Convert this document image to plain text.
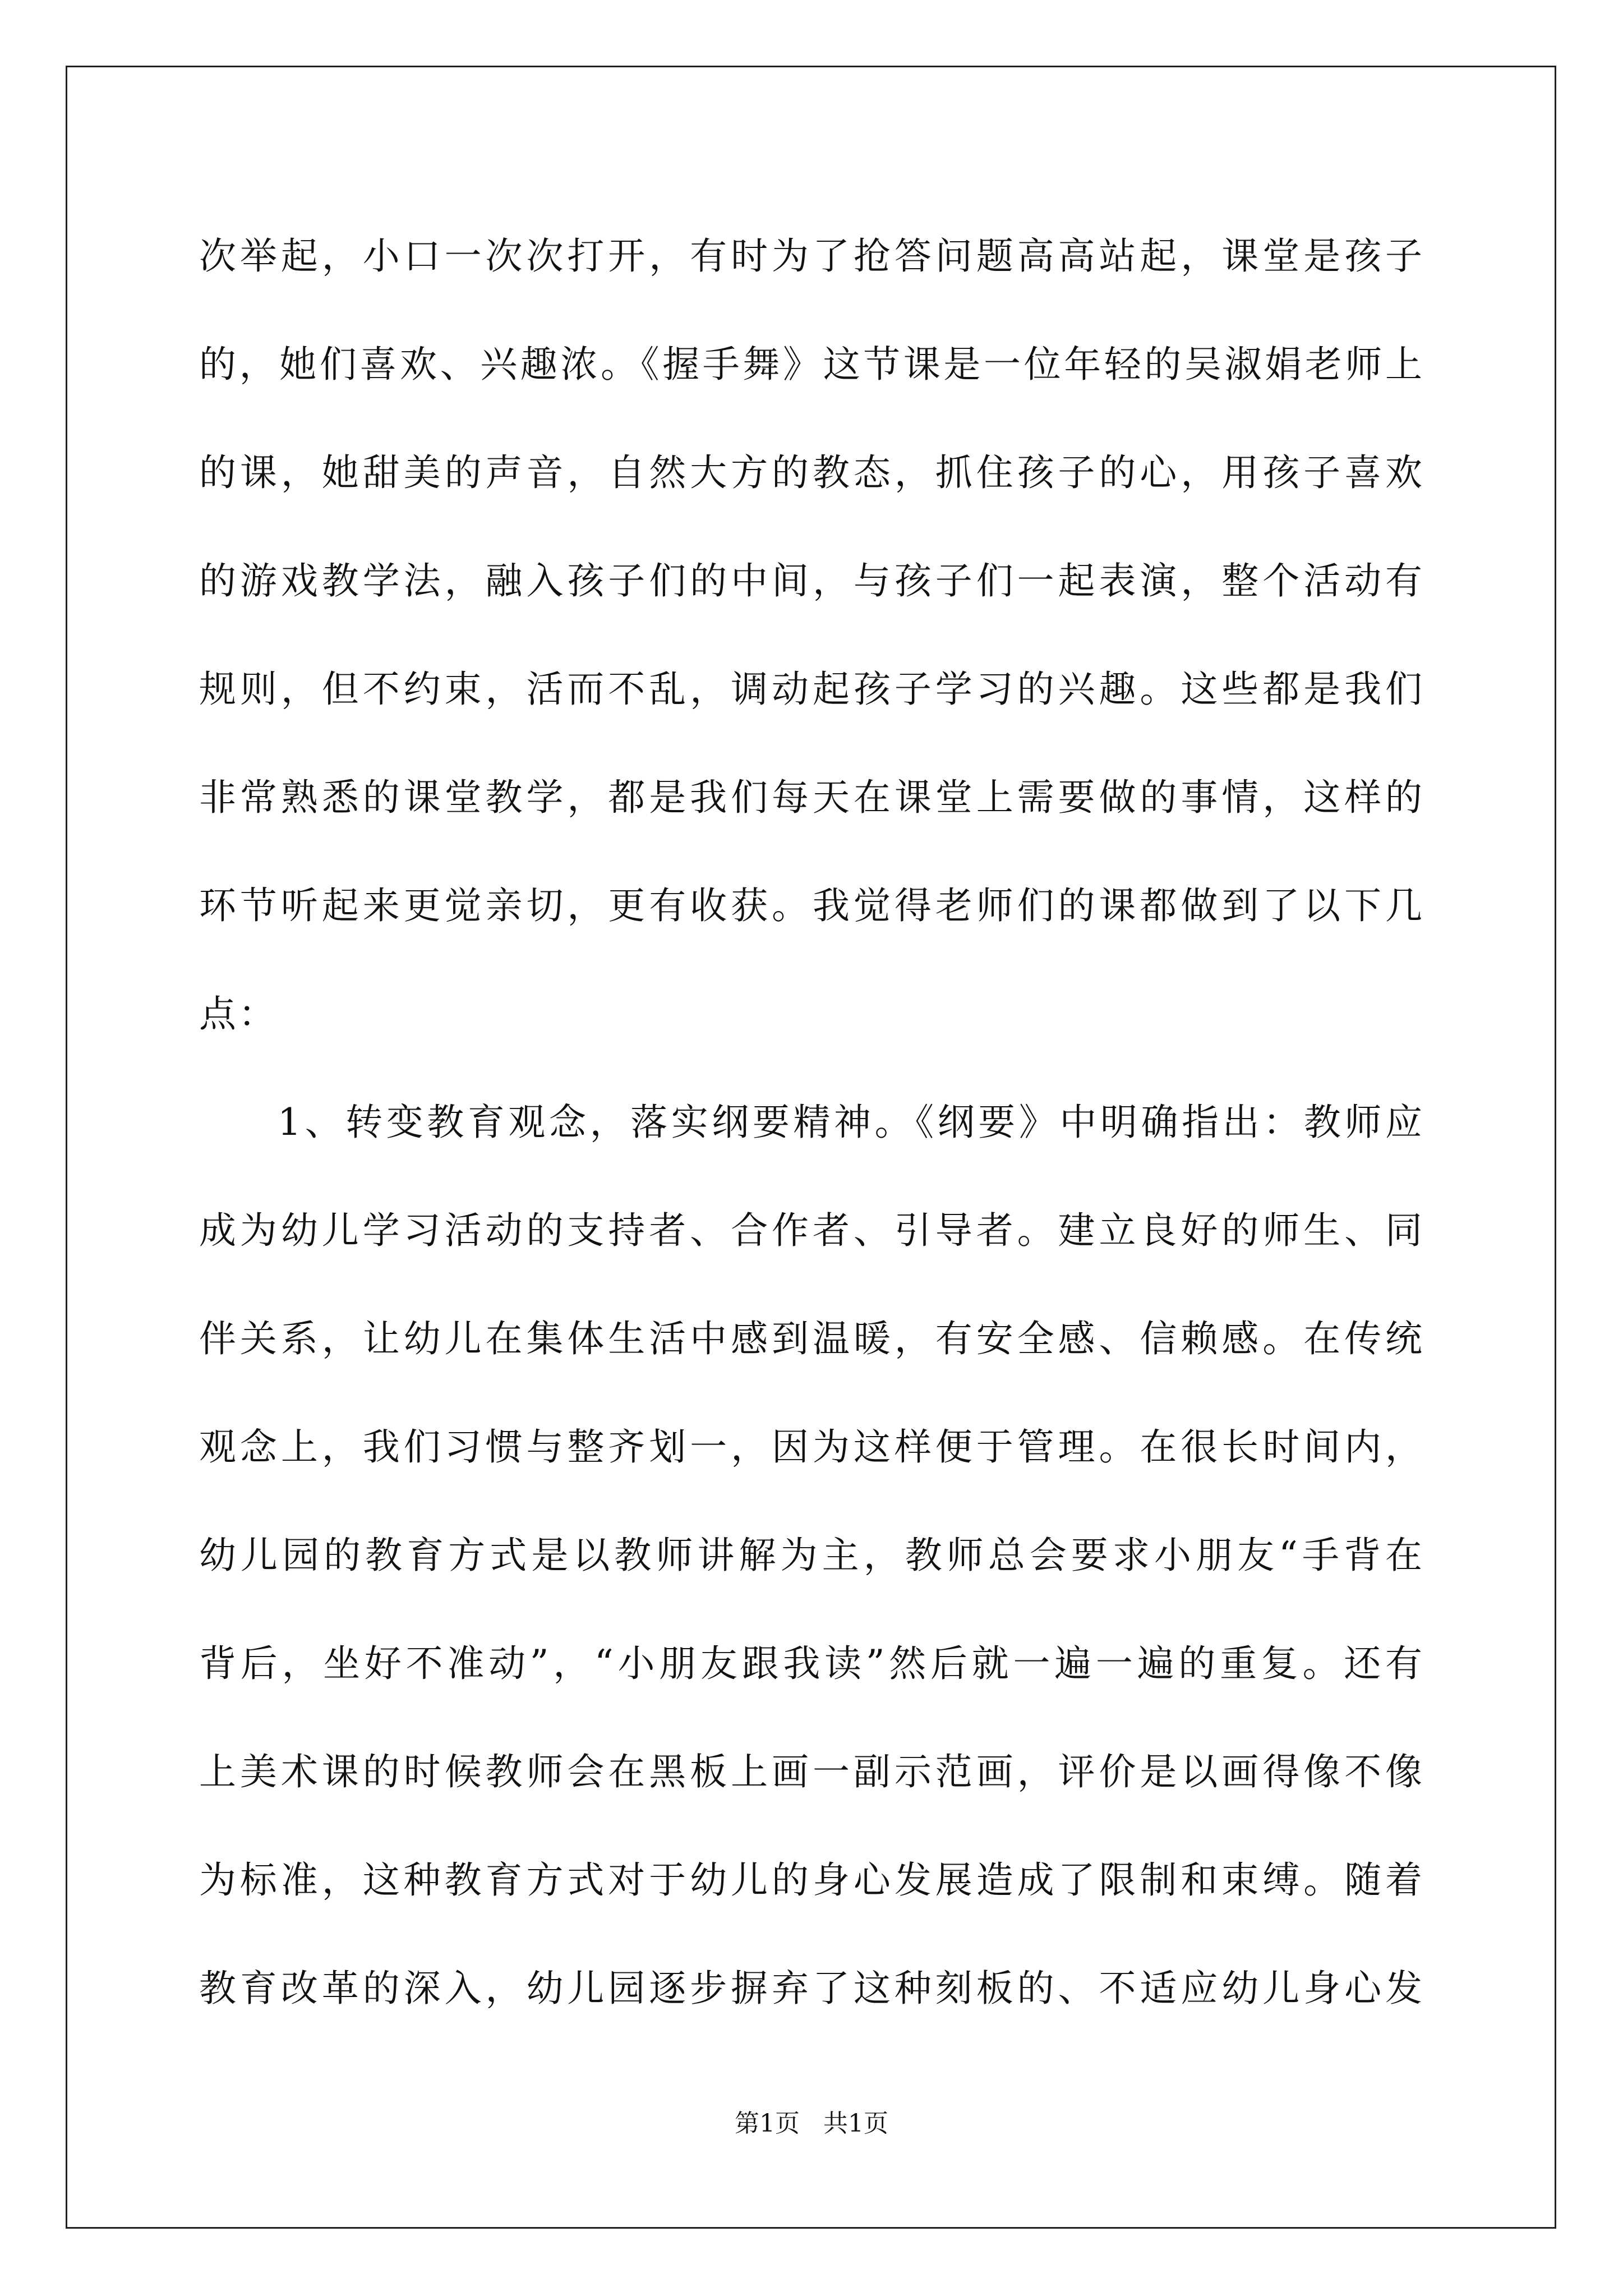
次举起，小口一次次打开，有时为了抢答问题高高站起，课堂是孩子
的，她们喜欢、兴趣浓。《握手舞》这节课是一位年轻的吴淑娟老师上
的课，她甜美的声音，自然大方的教态，抓住孩子的心，用孩子喜欢
的游戏教学法，融入孩子们的中间，与孩子们一起表演，整个活动有
规则，但不约束，活而不乱，调动起孩子学习的兴趣。这些都是我们
非常熟悉的课堂教学，都是我们每天在课堂上需要做的事情，这样的
环节听起来更觉亲切，更有收获。我觉得老师们的课都做到了以下几
点：
1、转变教育观念，落实纲要精神。《纲要》中明确指出：教师应
成为幼儿学习活动的支持者、合作者、引导者。建立良好的师生、同
伴关系，让幼儿在集体生活中感到温暖，有安全感、信赖感。在传统
观念上，我们习惯与整齐划一，因为这样便于管理。在很长时间内，
幼儿园的教育方式是以教师讲解为主，教师总会要求小朋友“手背在
背后，坐好不准动”，“小朋友跟我读”然后就一遍一遍的重复。还有
上美术课的时候教师会在黑板上画一副示范画，评价是以画得像不像
为标准，这种教育方式对于幼儿的身心发展造成了限制和束缚。随着
教育改革的深入，幼儿园逐步摒弃了这种刻板的、不适应幼儿身心发
第1页   共1页
